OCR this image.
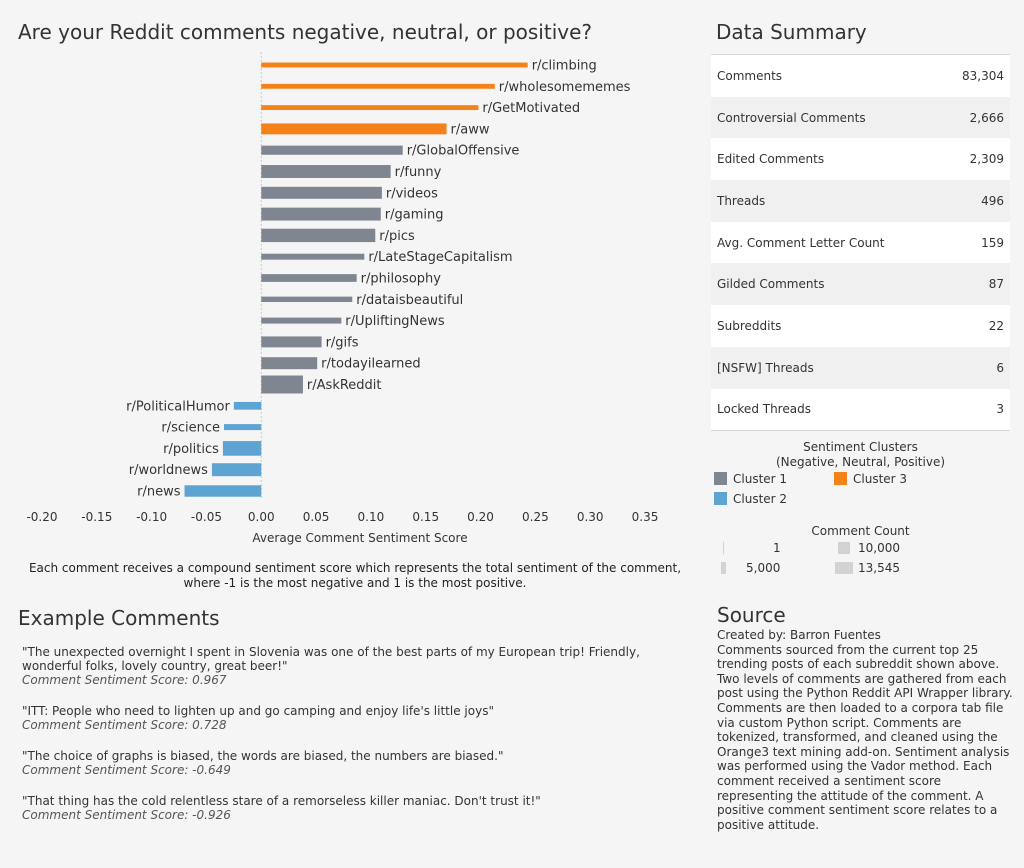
Are your Reddit comments negative, neutral, or positive?
r/climbing
r/wholesomememes
r/GetMotivated
r/aww
r/GlobalOffensive
r/funny
r/videos
r/gaming
r/pics
r/LateStageCapitalism
r/philosophy
r/dataisbeautiful
r/UpliftingNews
r/gifs
r/todayilearned
r/AskReddit
r/PoliticalHumor
r/science
r/politics
r/worldnews
r/news
-0.20 -0.15 -0.10 -0.05 0.00 0.05 0.10 0.15 0.20 0.25 0.30 0.35
Average Comment Sentiment Score
Each comment receives a compound sentiment score which represents the total sentiment of the comment, where -1 is the most negative and 1 is the most positive.
Example Comments
"The unexpected overnight I spent in Slovenia was one of the best parts of my European trip! Friendly, wonderful folks, lovely country, great beer!"
Comment Sentiment Score: 0.967
"ITT: People who need to lighten up and go camping and enjoy life's little joys"
Comment Sentiment Score: 0.728
"The choice of graphs is biased, the words are biased, the numbers are biased."
Comment Sentiment Score: -0.649
"That thing has the cold relentless stare of a remorseless killer maniac. Don't trust it!"
Comment Sentiment Score: -0.926
Data Summary
Comments	83,304
Controversial Comments	2,666
Edited Comments	2,309
Threads	496
Avg. Comment Letter Count	159
Gilded Comments	87
Subreddits	22
[NSFW] Threads	6
Locked Threads	3
Sentiment Clusters
(Negative, Neutral, Positive)
Cluster 1	Cluster 3
Cluster 2
Comment Count
1	10,000
5,000	13,545
Source
Created by: Barron Fuentes
Comments sourced from the current top 25 trending posts of each subreddit shown above. Two levels of comments are gathered from each post using the Python Reddit API Wrapper library. Comments are then loaded to a corpora tab file via custom Python script. Comments are tokenized, transformed, and cleaned using the Orange3 text mining add-on. Sentiment analysis was performed using the Vador method. Each comment received a sentiment score representing the attitude of the comment. A positive comment sentiment score relates to a positive attitude.
